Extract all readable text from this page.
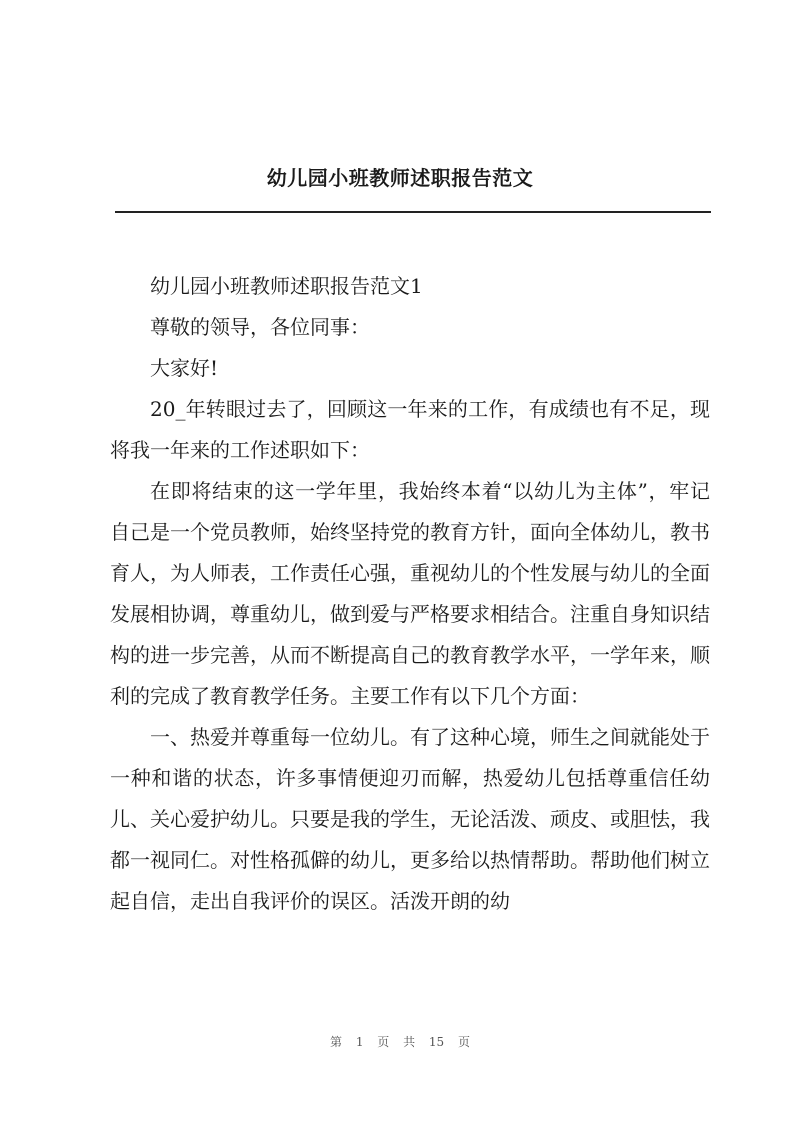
幼儿园小班教师述职报告范文

幼儿园小班教师述职报告范文1

尊敬的领导，各位同事：

大家好!

20_年转眼过去了，回顾这一年来的工作，有成绩也有不足，现将我一年来的工作述职如下：

在即将结束的这一学年里，我始终本着“以幼儿为主体”，牢记自己是一个党员教师，始终坚持党的教育方针，面向全体幼儿，教书育人，为人师表，工作责任心强，重视幼儿的个性发展与幼儿的全面发展相协调，尊重幼儿，做到爱与严格要求相结合。注重自身知识结构的进一步完善，从而不断提高自己的教育教学水平，一学年来，顺利的完成了教育教学任务。主要工作有以下几个方面：

一、热爱并尊重每一位幼儿。有了这种心境，师生之间就能处于一种和谐的状态，许多事情便迎刃而解，热爱幼儿包括尊重信任幼儿、关心爱护幼儿。只要是我的学生，无论活泼、顽皮、或胆怯，我都一视同仁。对性格孤僻的幼儿，更多给以热情帮助。帮助他们树立起自信，走出自我评价的误区。活泼开朗的幼

第 1 页 共 15 页
